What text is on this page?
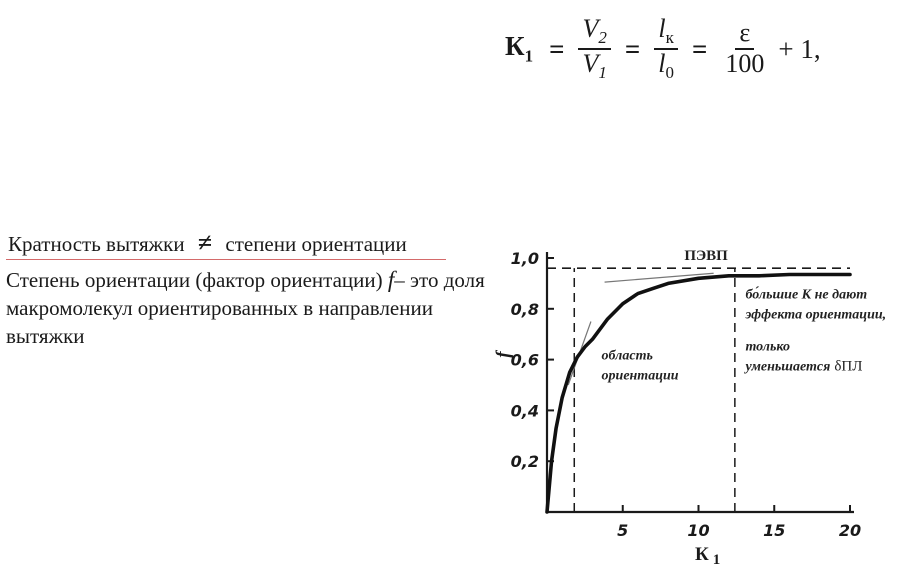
$К_1 = \frac{V_2}{V_1} = \frac{l_к}{l_0} = \frac{\varepsilon}{100} + 1$,
Кратность вытяжки ≠ степени ориентации
Степень ориентации (фактор ориентации) f– это доля макромолекул ориентированных в направлении вытяжки
0,2
0,4
0,6
0,8
1,0
5	10	15	20
f
К $_1$
ПЭВП
область
ориентации
бо́льшие К не дают
эффекта ориентации,
только
уменьшается δПЛ
